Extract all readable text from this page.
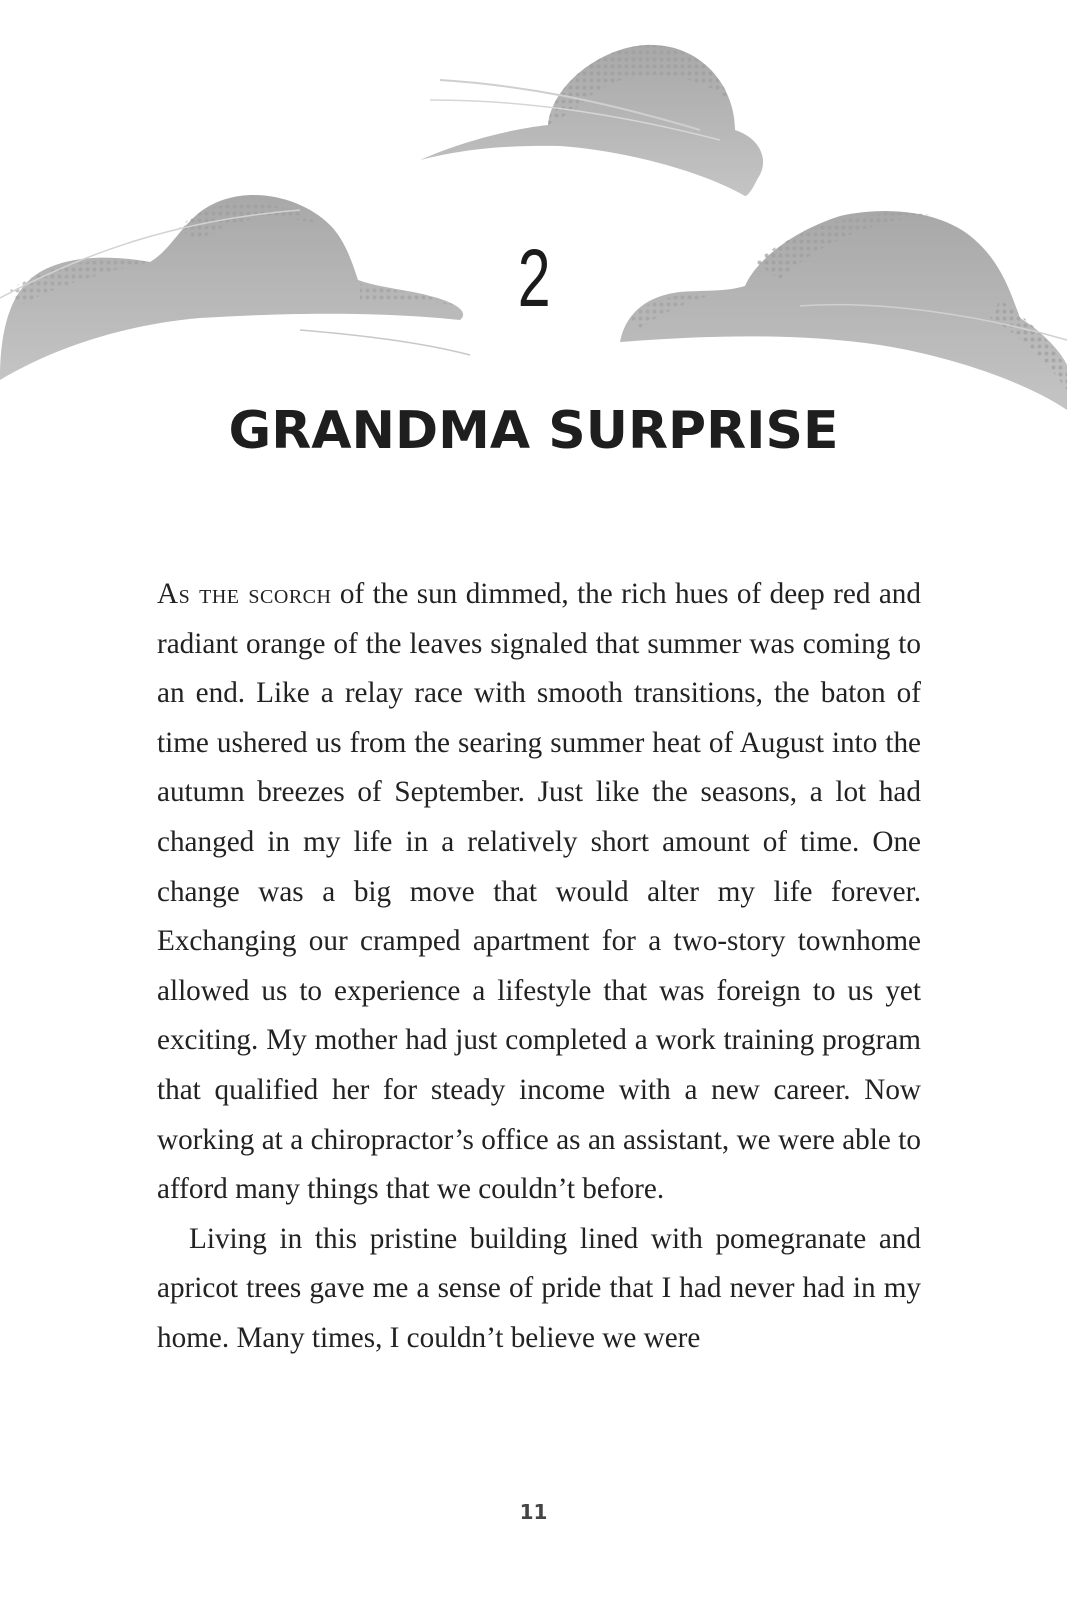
2
GRANDMA SURPRISE

As the scorch of the sun dimmed, the rich hues of deep red and radiant orange of the leaves signaled that summer was coming to an end. Like a relay race with smooth transitions, the baton of time ushered us from the searing summer heat of August into the autumn breezes of September. Just like the seasons, a lot had changed in my life in a relatively short amount of time. One change was a big move that would alter my life forever. Exchanging our cramped apartment for a two-story townhome allowed us to experience a lifestyle that was foreign to us yet exciting. My mother had just completed a work training program that qualified her for steady income with a new career. Now working at a chiropractor’s office as an assistant, we were able to afford many things that we couldn’t before.

Living in this pristine building lined with pomegranate and apricot trees gave me a sense of pride that I had never had in my home. Many times, I couldn’t believe we were

11
